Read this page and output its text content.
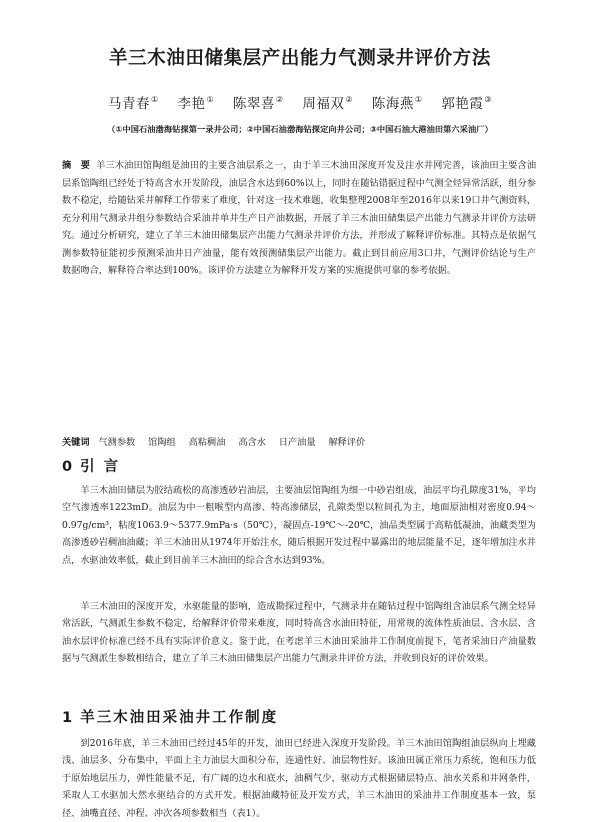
羊三木油田储集层产出能力气测录井评价方法
马青春① 李艳① 陈翠喜② 周福双② 陈海燕① 郭艳霞③
（①中国石油渤海钻探第一录井公司；②中国石油渤海钻探定向井公司；③中国石油大港油田第六采油厂）
摘　要 羊三木油田馆陶组是油田的主要含油层系之一，由于羊三木油田深度开发及注水井网完善，该油田主要含油层系馆陶组已经处于特高含水开发阶段，油层含水达到60%以上，同时在随钻错据过程中气测全烃异常活跃，组分参数不稳定，给随钻采井解释工作带来了难度，针对这一技术难题，收集整理2008年至2016年以来19口井气测资料，充分利用气测录井组分参数结合采油井单井生产日产油数据，开展了羊三木油田储集层产出能力气测录井评价方法研究。通过分析研究，建立了羊三木油田储集层产出能力气测录井评价方法，并形成了解释评价标准。其特点是依据气测参数特征能初步预测采油井日产油量，能有效预测储集层产出能力。截止到目前应用3口井，气测评价结论与生产数据吻合，解释符合率达到100%。该评价方法建立为解释开发方案的实施提供可靠的参考依据。
关键词 气测参数 馆陶组 高粘稠油 高含水 日产油量 解释评价
0 引 言
羊三木油田储层为胶结疏松的高渗透砂岩油层，主要油层馆陶组为细一中砂岩组成，油层平均孔隙度31%，平均空气渗透率1223mD。油层为中一粗喉型内高渗、特高渗储层，孔隙类型以粒间孔为主，地面原油相对密度0.94～0.97g/cm³，粘度1063.9～5377.9mPa·s（50℃），凝固点-19℃～-20℃，油品类型属于高粘低凝油，油藏类型为高渗透砂岩稠油油藏；羊三木油田从1974年开始注水，随后根据开发过程中暴露出的地层能量不足，逐年增加注水井点，水驱油效率低，截止到目前羊三木油田的综合含水达到93%。
羊三木油田的深度开发，水驱能量的影响，造成勘探过程中，气测录井在随钻过程中馆陶组含油层系气测全烃异常活跃，气测派生参数不稳定，给解释评价带来难度，同时特高含水油田特征，用常规的流体性质油层、含水层、含油水层评价标准已经不具有实际评价意义。鉴于此，在考虑羊三木油田采油井工作制度前提下，笔者采油日产油量数据与气测派生参数相结合，建立了羊三木油田储集层产出能力气测录井评价方法，并收到良好的评价效果。
1 羊三木油田采油井工作制度
到2016年底，羊三木油田已经过45年的开发，油田已经进入深度开发阶段。羊三木油田馆陶组油层纵向上埋藏浅、油层多、分布集中，平面上主力油层大面积分布，连通性好、油层物性好。该油田属正常压力系统，饱和压力低于原始地层压力，弹性能量不足，有广阔的边水和底水，油稠气少，驱动方式根据储层特点、油水关系和井网条件，采取人工水驱加大然水驱结合的方式开发。根据油藏特征及开发方式，羊三木油田的采油井工作制度基本一致，泵径、油嘴直径、冲程、冲次各项参数相当（表1）。
